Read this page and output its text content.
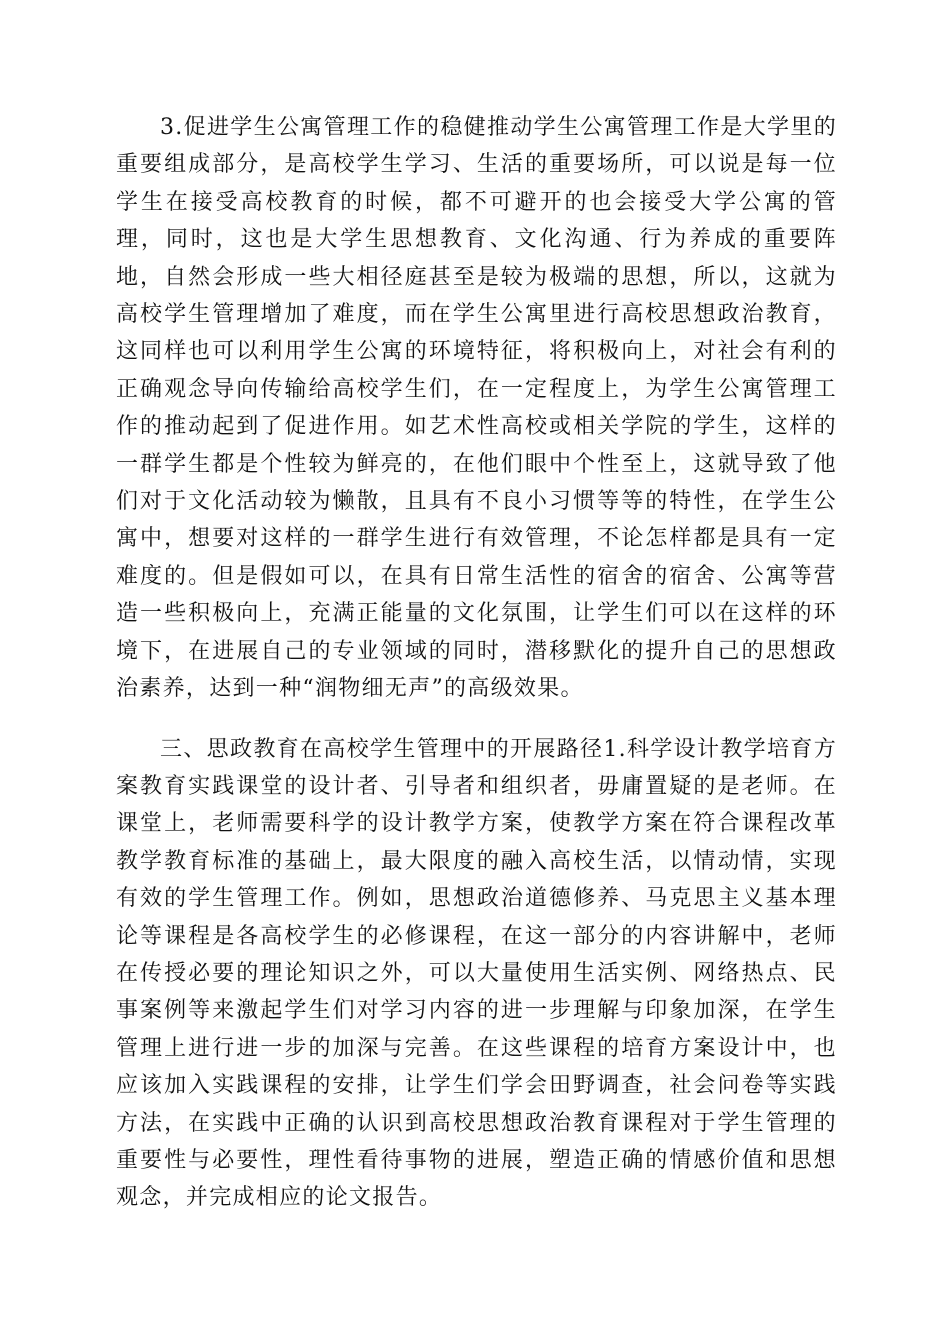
3.促进学生公寓管理工作的稳健推动学生公寓管理工作是大学里的重要组成部分，是高校学生学习、生活的重要场所，可以说是每一位学生在接受高校教育的时候，都不可避开的也会接受大学公寓的管理，同时，这也是大学生思想教育、文化沟通、行为养成的重要阵地，自然会形成一些大相径庭甚至是较为极端的思想，所以，这就为高校学生管理增加了难度，而在学生公寓里进行高校思想政治教育，这同样也可以利用学生公寓的环境特征，将积极向上，对社会有利的正确观念导向传输给高校学生们，在一定程度上，为学生公寓管理工作的推动起到了促进作用。如艺术性高校或相关学院的学生，这样的一群学生都是个性较为鲜亮的，在他们眼中个性至上，这就导致了他们对于文化活动较为懒散，且具有不良小习惯等等的特性，在学生公寓中，想要对这样的一群学生进行有效管理，不论怎样都是具有一定难度的。但是假如可以，在具有日常生活性的宿舍的宿舍、公寓等营造一些积极向上，充满正能量的文化氛围，让学生们可以在这样的环境下，在进展自己的专业领域的同时，潜移默化的提升自己的思想政治素养，达到一种“润物细无声”的高级效果。

三、思政教育在高校学生管理中的开展路径1.科学设计教学培育方案教育实践课堂的设计者、引导者和组织者，毋庸置疑的是老师。在课堂上，老师需要科学的设计教学方案，使教学方案在符合课程改革教学教育标准的基础上，最大限度的融入高校生活，以情动情，实现有效的学生管理工作。例如，思想政治道德修养、马克思主义基本理论等课程是各高校学生的必修课程，在这一部分的内容讲解中，老师在传授必要的理论知识之外，可以大量使用生活实例、网络热点、民事案例等来激起学生们对学习内容的进一步理解与印象加深，在学生管理上进行进一步的加深与完善。在这些课程的培育方案设计中，也应该加入实践课程的安排，让学生们学会田野调查，社会问卷等实践方法，在实践中正确的认识到高校思想政治教育课程对于学生管理的重要性与必要性，理性看待事物的进展，塑造正确的情感价值和思想观念，并完成相应的论文报告。
